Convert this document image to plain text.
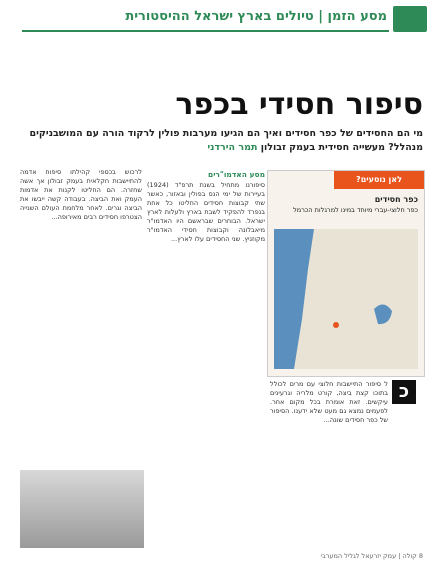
מסע הזמן | טיולים בארץ ישראל ההיסטורית
סיפור חסידי בכפר
מי הם החסידים של כפר חסידים ואיך הם הגיעו מערבות פולין לרקוד הורה עם המושבניקים מנהלל? מעשייה חסידית בעמק זבולון תמר הירדני
לרכוש בכספי קהילתו סיפוח אדמה להתיישבות חקלאית בעמק זבולון אך אשה שחזרה. הם החליטו לקנות את אדמות העמק ואת הביצה. בעבודה קשה ייבשו את הביצה וגרים. לאחר מלחמת העולם השנייה הצטרפו חסידים רבים מאירופה...
מסע האדמו"רים
סיפורנו מתחיל בשנת תרפ"ד (1924) בעיירות של ימי הנס בפולין ובאזור, כאשר שתי קבוצות חסידים החליטו כל אחת בנפרד להפקיד לשבת בארץ ולעלות לארץ ישראל. הבוחרים שבראשם היו האדמו"ר מיאבלונה וקבוצות חסידי האדמו"ר מקוזניץ. שני החסידים עלו לארץ...
לאן נוסעים?
כפר חסידים
כפר חלוצי-עברי מיוחד במינו למרגלות הכרמל
ל סיפור התיישבות חלוצי עם מרים לכולל בתוכו קצת ביצה, קורט מלריה וגרעינים עיקשים. זאת אומרת בכל מקום אחר. לפעמים נמצא גם מעט שלא ידענו. הסיפור של כפר חסידים שונה...
כ
8 קולה | עמק יזרעאל לגליל המערבי
